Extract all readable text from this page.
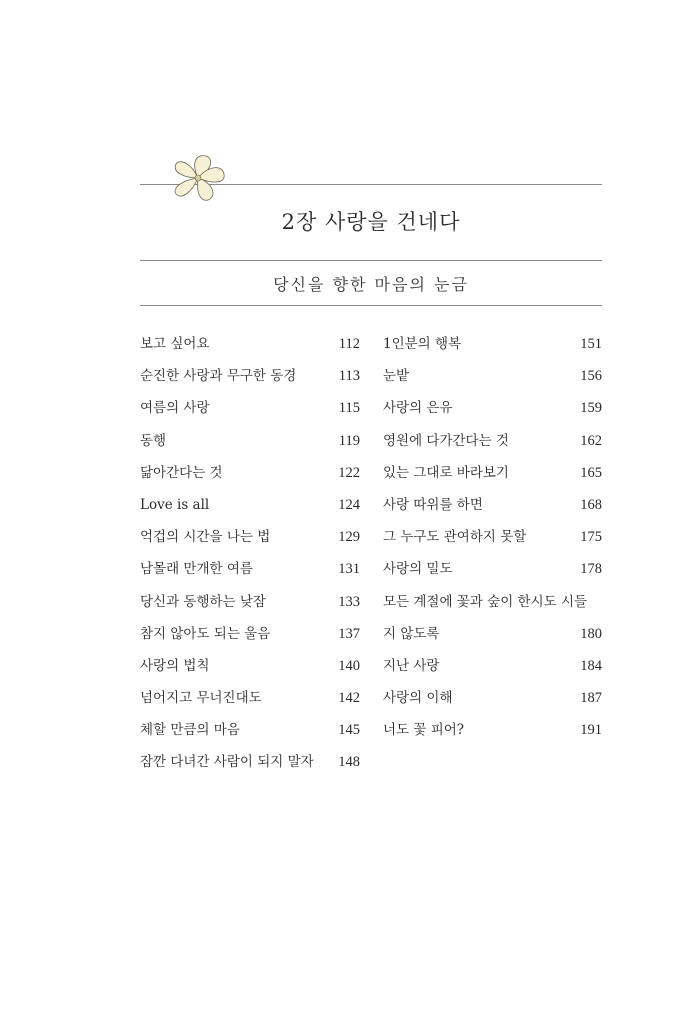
2장 사랑을 건네다
당신을 향한 마음의 눈금
보고 싶어요	112
순진한 사랑과 무구한 동경	113
여름의 사랑	115
동행	119
닮아간다는 것	122
Love is all	124
억겁의 시간을 나는 법	129
남몰래 만개한 여름	131
당신과 동행하는 낮잠	133
참지 않아도 되는 울음	137
사랑의 법칙	140
넘어지고 무너진대도	142
체할 만큼의 마음	145
잠깐 다녀간 사람이 되지 말자 148
1인분의 행복	151
눈밭	156
사랑의 은유	159
영원에 다가간다는 것	162
있는 그대로 바라보기	165
사랑 따위를 하면	168
그 누구도 관여하지 못할	175
사랑의 밀도	178
모든 계절에 꽃과 숲이 한시도 시들
지 않도록	180
지난 사랑	184
사랑의 이해	187
너도 꽃 피어?	191
